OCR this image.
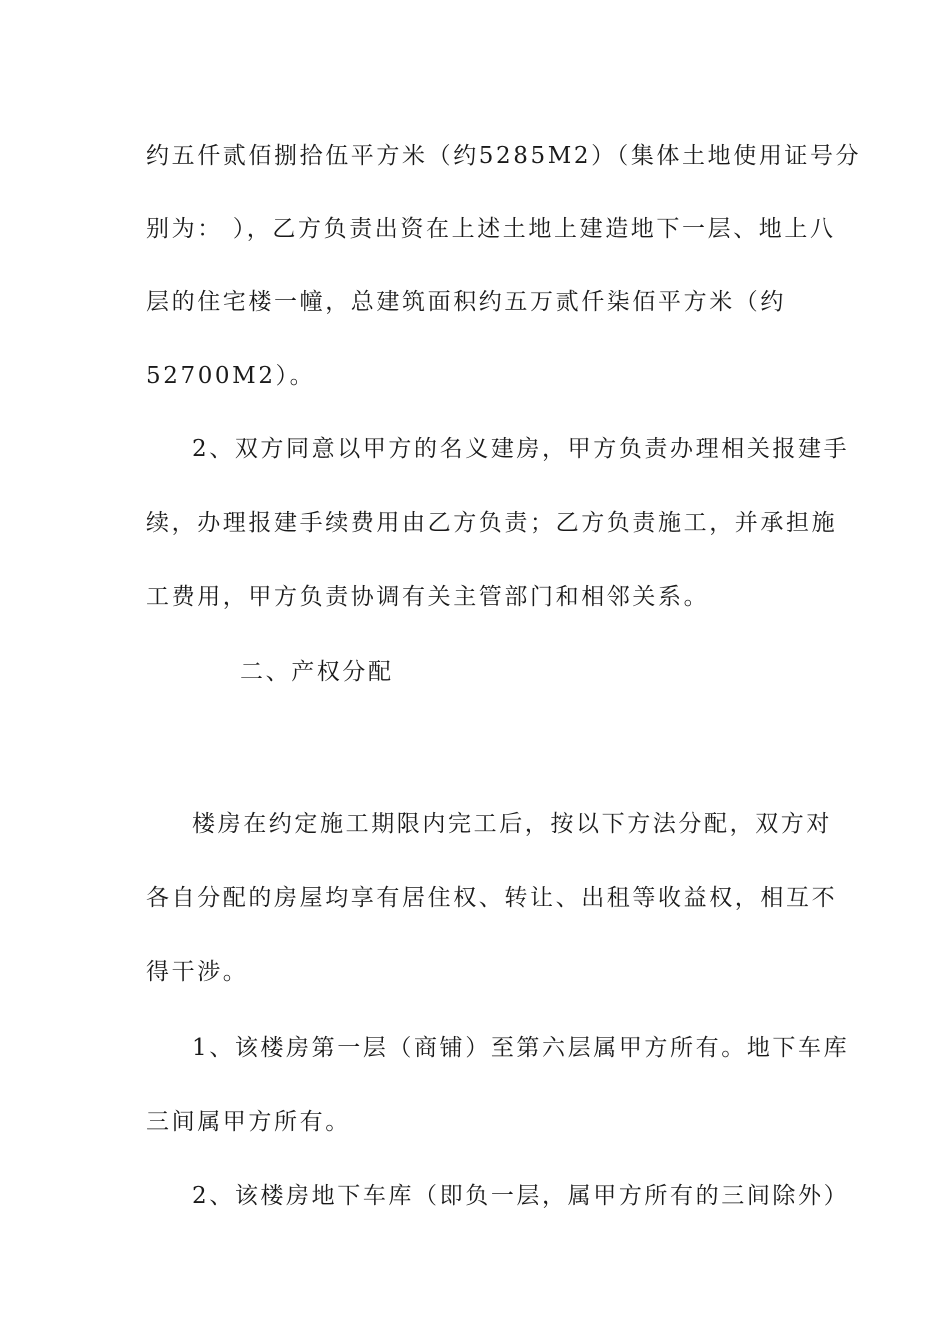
约五仟贰佰捌拾伍平方米（约5285M2）（集体土地使用证号分
别为： ），乙方负责出资在上述土地上建造地下一层、地上八
层的住宅楼一幢，总建筑面积约五万贰仟柒佰平方米（约
52700M2）。
2、双方同意以甲方的名义建房，甲方负责办理相关报建手
续，办理报建手续费用由乙方负责；乙方负责施工，并承担施
工费用，甲方负责协调有关主管部门和相邻关系。
二、产权分配
楼房在约定施工期限内完工后，按以下方法分配，双方对
各自分配的房屋均享有居住权、转让、出租等收益权，相互不
得干涉。
1、该楼房第一层（商铺）至第六层属甲方所有。地下车库
三间属甲方所有。
2、该楼房地下车库（即负一层，属甲方所有的三间除外）
